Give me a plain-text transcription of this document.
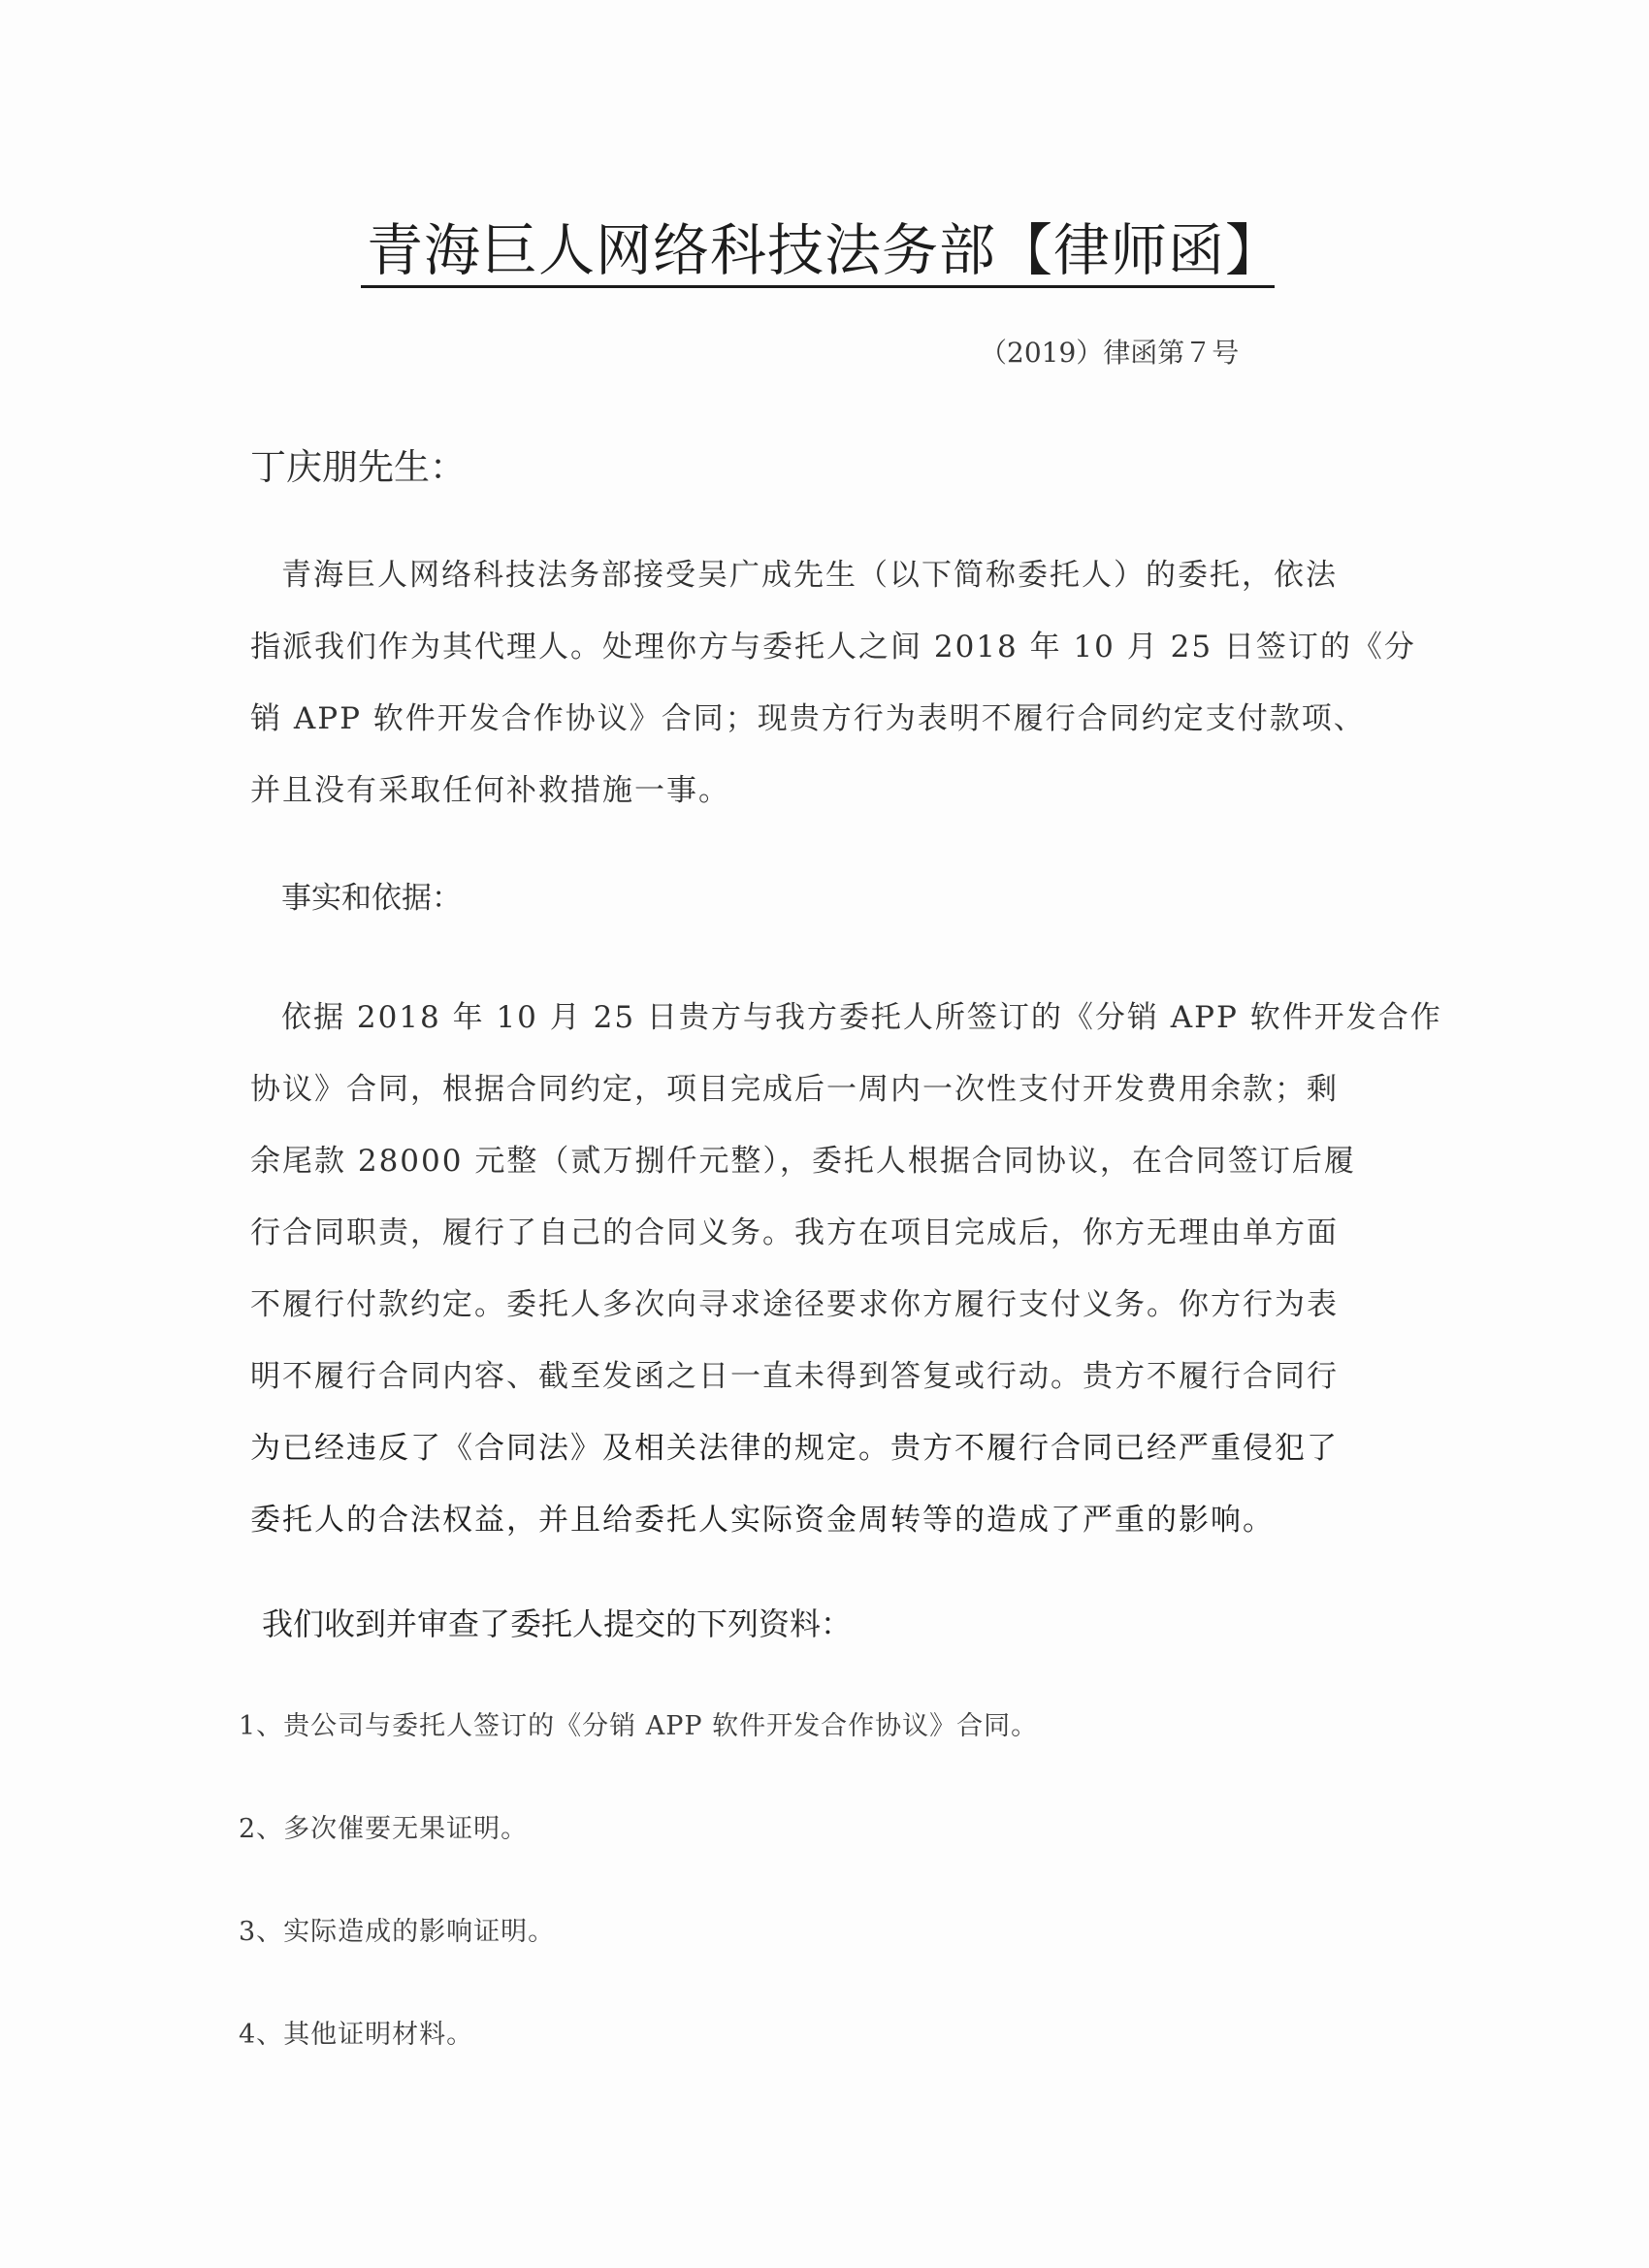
青海巨人网络科技法务部【律师函】
（2019）律函第７号
丁庆朋先生：
青海巨人网络科技法务部接受吴广成先生（以下简称委托人）的委托，依法
指派我们作为其代理人。处理你方与委托人之间 2018 年 10 月 25 日签订的《分
销 APP 软件开发合作协议》合同；现贵方行为表明不履行合同约定支付款项、
并且没有采取任何补救措施一事。
事实和依据：
依据 2018 年 10 月 25 日贵方与我方委托人所签订的《分销 APP 软件开发合作
协议》合同，根据合同约定，项目完成后一周内一次性支付开发费用余款；剩
余尾款 28000 元整（贰万捌仟元整），委托人根据合同协议，在合同签订后履
行合同职责，履行了自己的合同义务。我方在项目完成后，你方无理由单方面
不履行付款约定。委托人多次向寻求途径要求你方履行支付义务。你方行为表
明不履行合同内容、截至发函之日一直未得到答复或行动。贵方不履行合同行
为已经违反了《合同法》及相关法律的规定。贵方不履行合同已经严重侵犯了
委托人的合法权益，并且给委托人实际资金周转等的造成了严重的影响。
我们收到并审查了委托人提交的下列资料：
1、贵公司与委托人签订的《分销 APP 软件开发合作协议》合同。
2、多次催要无果证明。
3、实际造成的影响证明。
4、其他证明材料。
